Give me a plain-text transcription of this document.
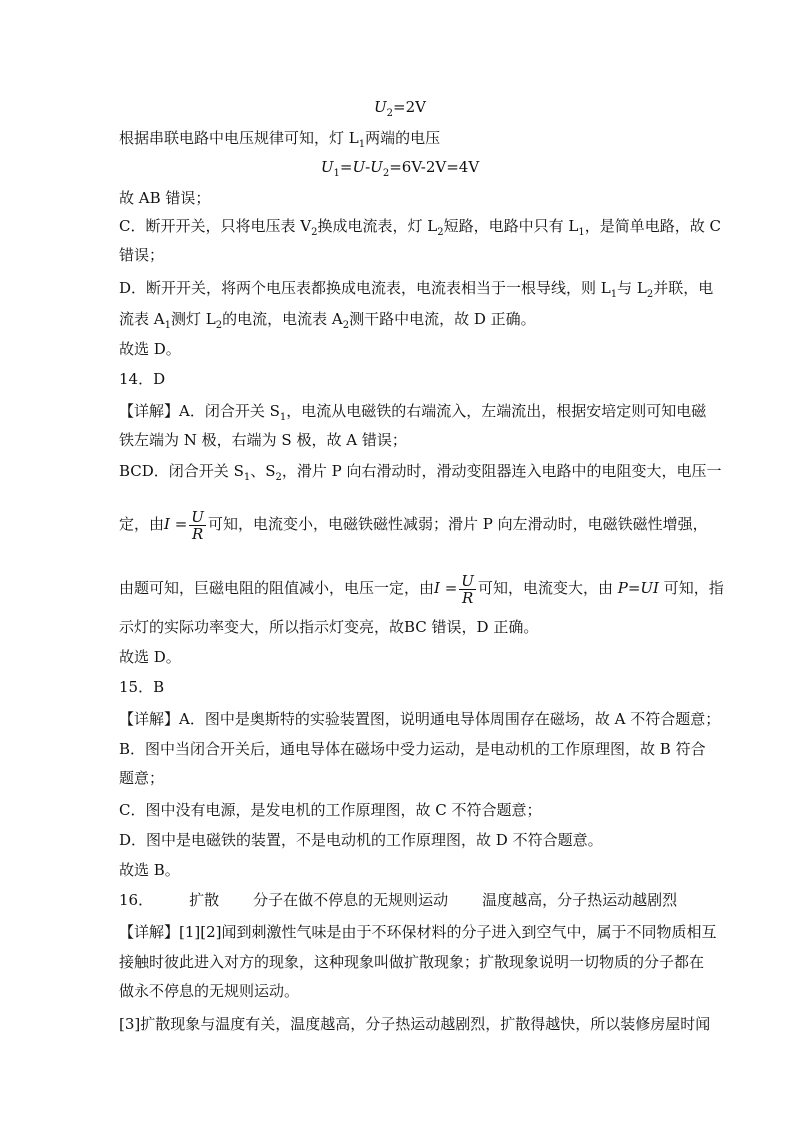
$U_2=2V$
根据串联电路中电压规律可知，灯 $L_1$两端的电压
$U_1=U-U_2=6V-2V=4V$
故 AB 错误；
C．断开开关，只将电压表 $V_2$换成电流表，灯 $L_2$短路，电路中只有 $L_1$，是简单电路，故 C
错误；
D．断开开关，将两个电压表都换成电流表，电流表相当于一根导线，则 $L_1$与 $L_2$并联，电
流表 $A_1$测灯 $L_2$的电流，电流表 $A_2$测干路中电流，故 D 正确。
故选 D。
14．D
【详解】A．闭合开关 $S_1$，电流从电磁铁的右端流入，左端流出，根据安培定则可知电磁
铁左端为 N 极，右端为 S 极，故 A 错误；
BCD．闭合开关 $S_1$、$S_2$，滑片 P 向右滑动时，滑动变阻器连入电路中的电阻变大，电压一
定，由$I = \frac{U}{R}$ 可知，电流变小，电磁铁磁性减弱；滑片 P 向左滑动时，电磁铁磁性增强，
由题可知，巨磁电阻的阻值减小，电压一定，由$I = \frac{U}{R}$ 可知，电流变大，由 P=UI 可知，指
示灯的实际功率变大，所以指示灯变亮，故BC 错误，D 正确。
故选 D。
15．B
【详解】A．图中是奥斯特的实验装置图，说明通电导体周围存在磁场，故 A 不符合题意；
B．图中当闭合开关后，通电导体在磁场中受力运动，是电动机的工作原理图，故 B 符合
题意；
C．图中没有电源，是发电机的工作原理图，故 C 不符合题意；
D．图中是电磁铁的装置，不是电动机的工作原理图，故 D 不符合题意。
故选 B。
16． 扩散 分子在做不停息的无规则运动 温度越高，分子热运动越剧烈
【详解】[1][2]闻到刺激性气味是由于不环保材料的分子进入到空气中，属于不同物质相互
接触时彼此进入对方的现象，这种现象叫做扩散现象；扩散现象说明一切物质的分子都在
做永不停息的无规则运动。
[3]扩散现象与温度有关，温度越高，分子热运动越剧烈，扩散得越快，所以装修房屋时闻
